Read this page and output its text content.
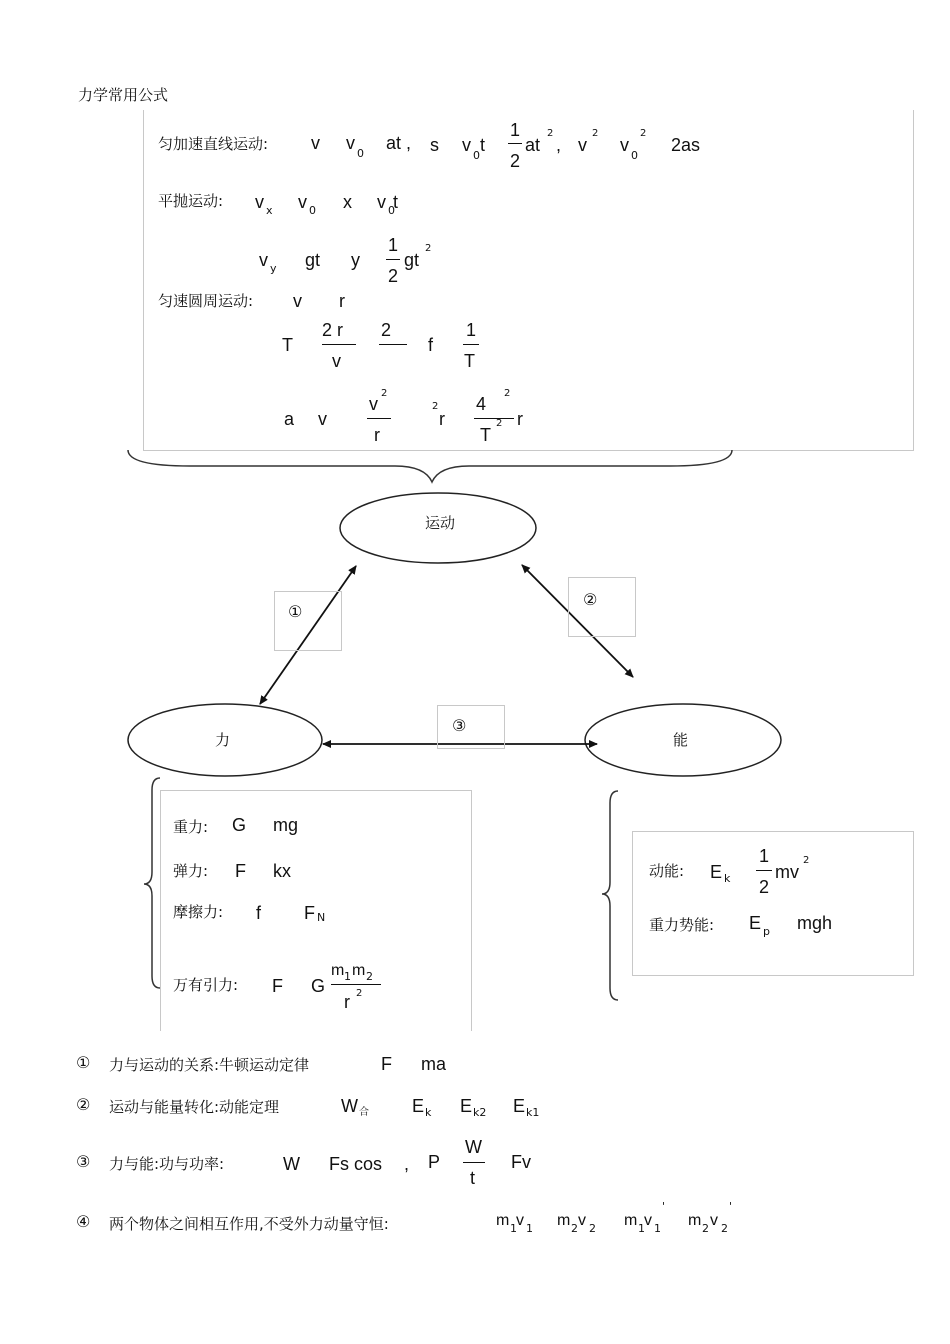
力学常用公式
匀加速直线运动: v v
0
at , s v
0
t
1
2
at
2
, v
2
v
0
2
2as
平抛运动: v x v 0 x v 0
t
v y gt y
1
2
gt
2
匀速圆周运动: v r
T
2 r
v
2
f
1
T
a v
v
2
r
2
r
4
2
T
2 r
运动
力	能
①
②
③
重力: G mg
弹力: F kx
摩擦力: f F N
万有引力: F G
m 1 m 2
r 2
动能: E k
1
2
mv
2
重力势能: E p mgh
① 力与运动的关系:牛顿运动定律	F ma
② 运动与能量转化:动能定理	W 合 E k E k2 E k1
③ 力与能:功与功率:	W Fs cos , P
W
t
Fv
④ 两个物体之间相互作用,不受外力动量守恒:	m 1 v 1 m 2 v 2 m 1 v 1
'
m 2 v 2
'
